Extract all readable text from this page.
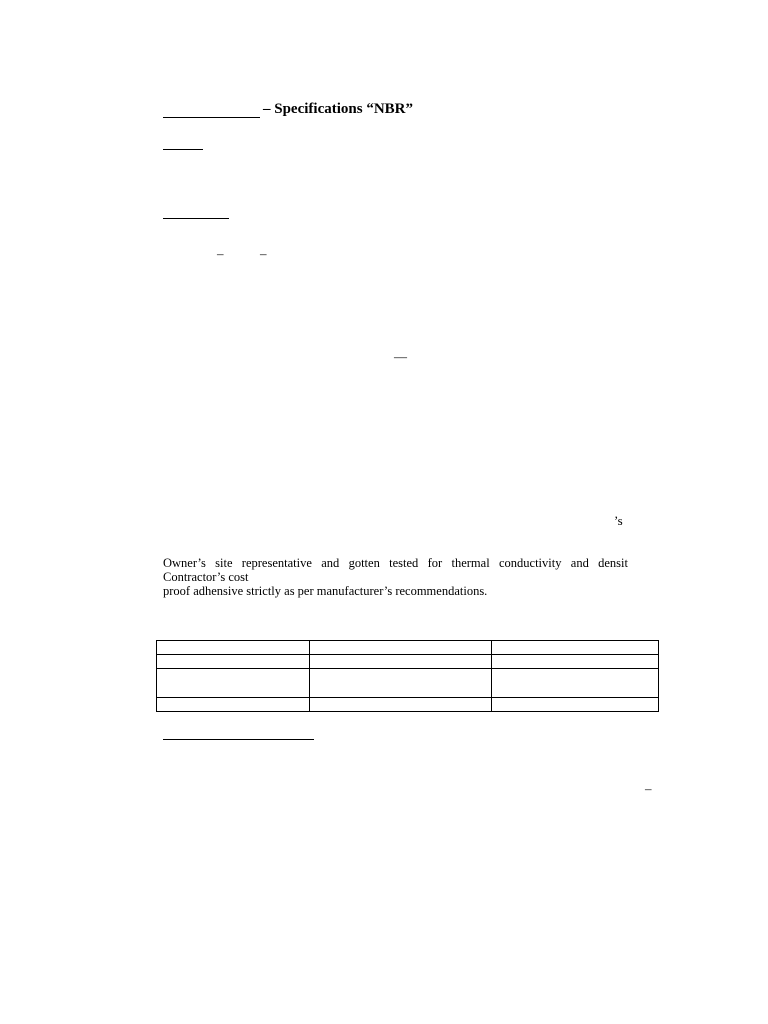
– Specifications “NBR”
–	–
—
’s
Owner’s site representative and gotten tested for thermal conductivity and densit
Contractor’s cost
proof adhensive strictly as per manufacturer’s recommendations.

–
